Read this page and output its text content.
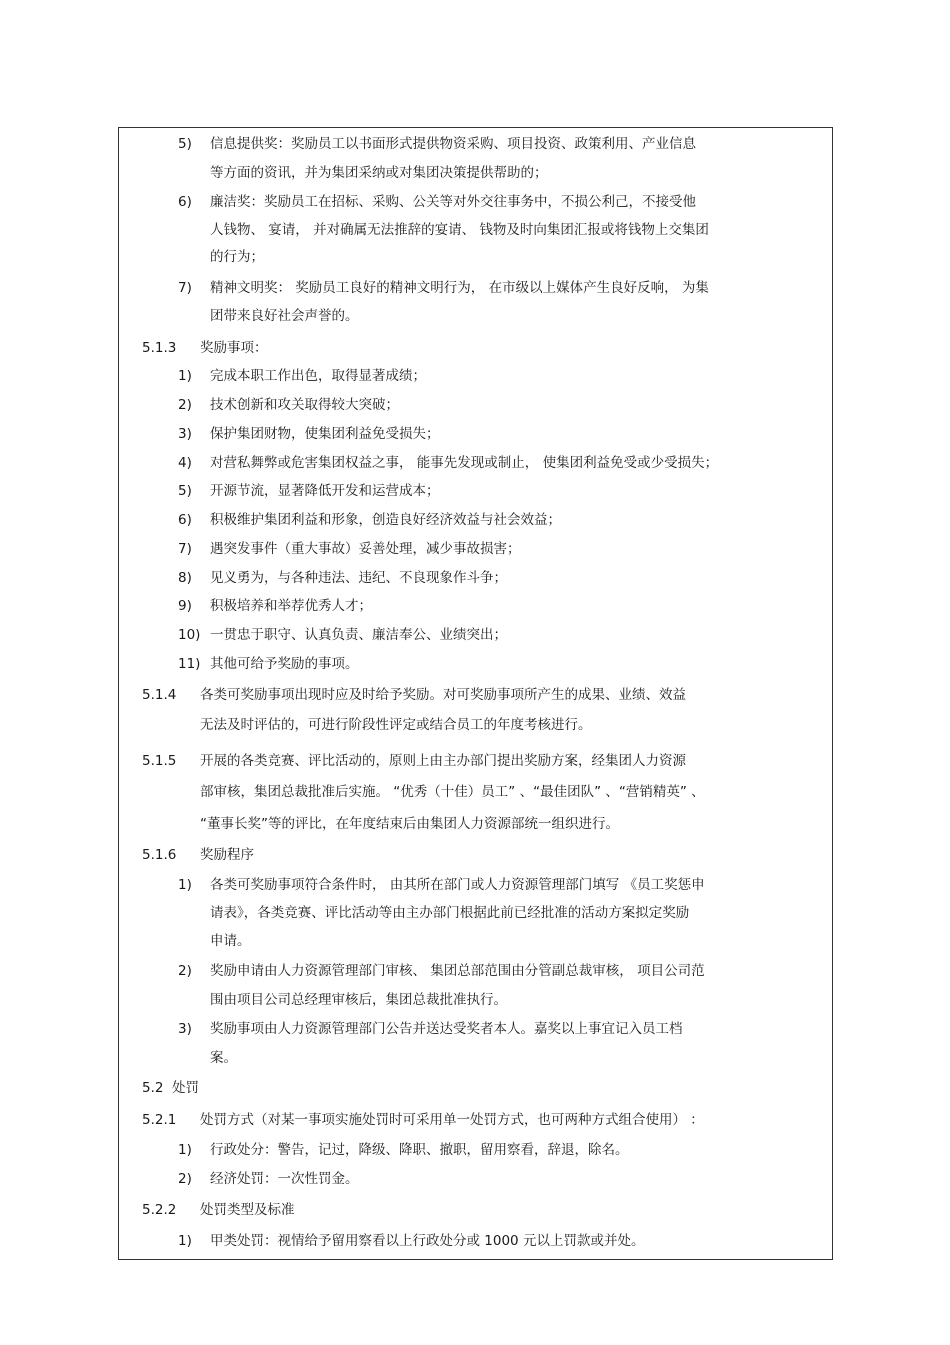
5) 信息提供奖：奖励员工以书面形式提供物资采购、项目投资、政策利用、产业信息
等方面的资讯，并为集团采纳或对集团决策提供帮助的；
6) 廉洁奖：奖励员工在招标、采购、公关等对外交往事务中，不损公利己，不接受他
人钱物、 宴请， 并对确属无法推辞的宴请、 钱物及时向集团汇报或将钱物上交集团
的行为；
7) 精神文明奖： 奖励员工良好的精神文明行为， 在市级以上媒体产生良好反响， 为集
团带来良好社会声誉的。
5.1.3 奖励事项：
1) 完成本职工作出色，取得显著成绩；
2) 技术创新和攻关取得较大突破；
3) 保护集团财物，使集团利益免受损失；
4) 对营私舞弊或危害集团权益之事， 能事先发现或制止， 使集团利益免受或少受损失；
5) 开源节流，显著降低开发和运营成本；
6) 积极维护集团利益和形象，创造良好经济效益与社会效益；
7) 遇突发事件（重大事故）妥善处理，减少事故损害；
8) 见义勇为，与各种违法、违纪、不良现象作斗争；
9) 积极培养和举荐优秀人才；
10) 一贯忠于职守、认真负责、廉洁奉公、业绩突出；
11) 其他可给予奖励的事项。
5.1.4 各类可奖励事项出现时应及时给予奖励。对可奖励事项所产生的成果、业绩、效益
无法及时评估的，可进行阶段性评定或结合员工的年度考核进行。
5.1.5 开展的各类竞赛、评比活动的，原则上由主办部门提出奖励方案，经集团人力资源
部审核，集团总裁批准后实施。 “优秀（十佳）员工” 、“最佳团队” 、“营销精英” 、
“董事长奖”等的评比，在年度结束后由集团人力资源部统一组织进行。
5.1.6 奖励程序
1) 各类可奖励事项符合条件时， 由其所在部门或人力资源管理部门填写 《员工奖惩申
请表》，各类竞赛、评比活动等由主办部门根据此前已经批准的活动方案拟定奖励
申请。
2) 奖励申请由人力资源管理部门审核、 集团总部范围由分管副总裁审核， 项目公司范
围由项目公司总经理审核后，集团总裁批准执行。
3) 奖励事项由人力资源管理部门公告并送达受奖者本人。嘉奖以上事宜记入员工档
案。
5.2 处罚
5.2.1 处罚方式（对某一事项实施处罚时可采用单一处罚方式，也可两种方式组合使用） ：
1) 行政处分：警告，记过，降级、降职、撤职，留用察看，辞退，除名。
2) 经济处罚：一次性罚金。
5.2.2 处罚类型及标准
1) 甲类处罚：视情给予留用察看以上行政处分或 1000 元以上罚款或并处。
